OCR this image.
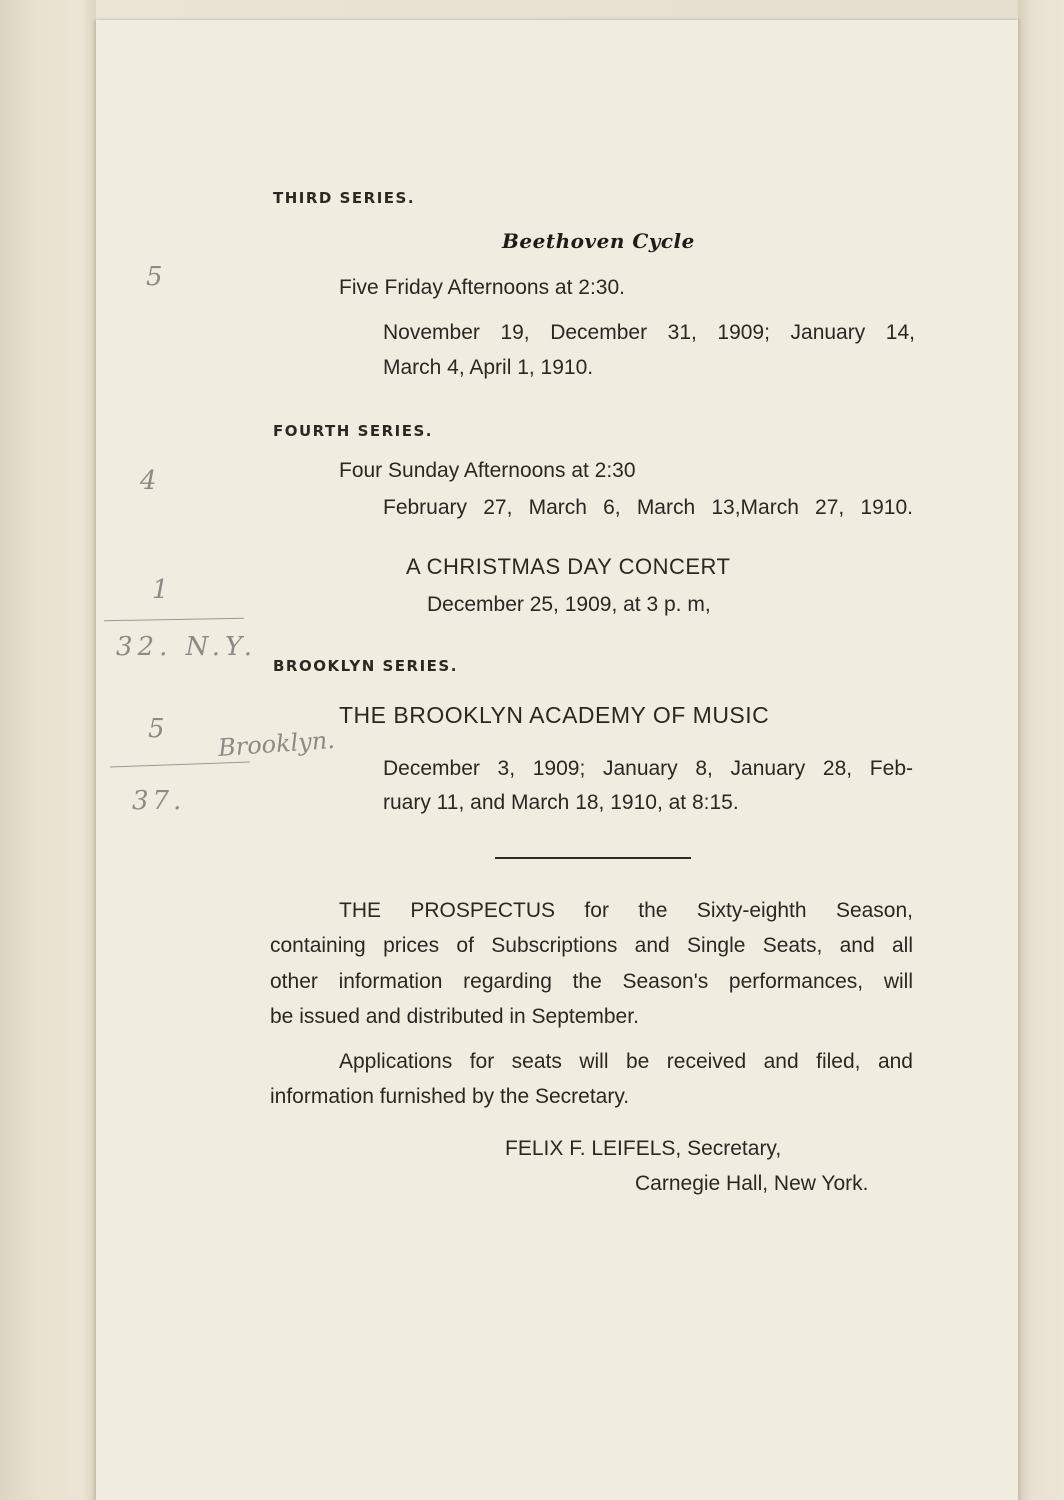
THIRD SERIES.
Beethoven Cycle
Five Friday Afternoons at 2:30.
November 19, December 31, 1909; January 14,
March 4, April 1, 1910.
FOURTH SERIES.
Four Sunday Afternoons at 2:30
February 27, March 6, March 13,March 27, 1910.
A CHRISTMAS DAY CONCERT
December 25, 1909, at 3 p. m,
BROOKLYN SERIES.
THE BROOKLYN ACADEMY OF MUSIC
December 3, 1909; January 8, January 28, Feb-
ruary 11, and March 18, 1910, at 8:15.
THE PROSPECTUS for the Sixty-eighth Season,
containing prices of Subscriptions and Single Seats, and all
other information regarding the Season's performances, will
be issued and distributed in September.
Applications for seats will be received and filed, and
information furnished by the Secretary.
FELIX F. LEIFELS, Secretary,
Carnegie Hall, New York.
5
4
1
32. N.Y.
5 Brooklyn.
37.
